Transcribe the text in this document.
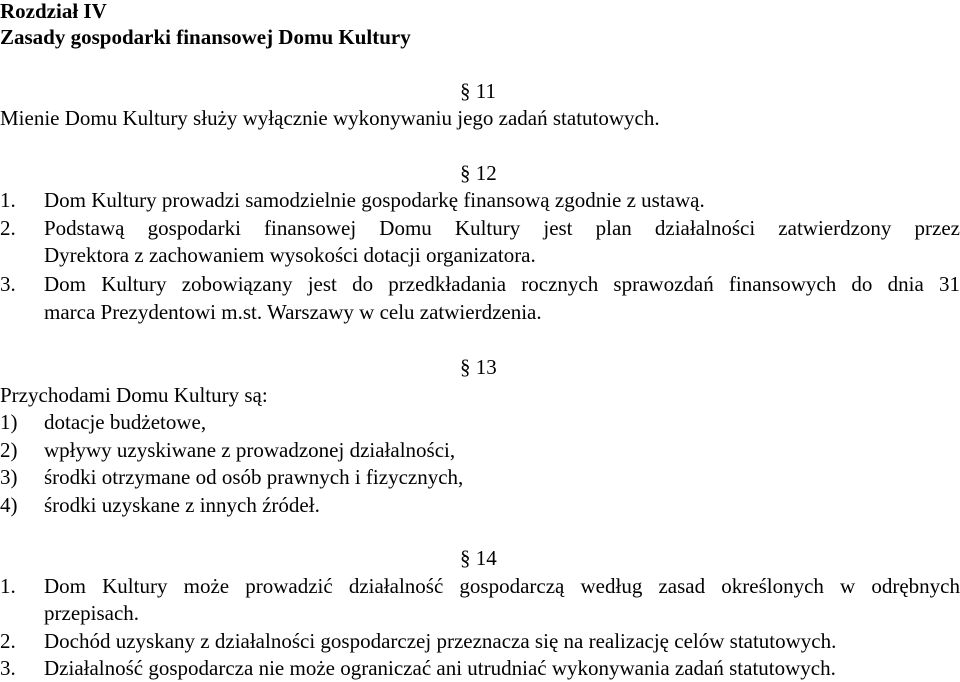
Rozdział IV
Zasady gospodarki finansowej Domu Kultury
§ 11
Mienie Domu Kultury służy wyłącznie wykonywaniu jego zadań statutowych.
§ 12
1. Dom Kultury prowadzi samodzielnie gospodarkę finansową zgodnie z ustawą.
2. Podstawą gospodarki finansowej Domu Kultury jest plan działalności zatwierdzony przez
Dyrektora z zachowaniem wysokości dotacji organizatora.
3. Dom Kultury zobowiązany jest do przedkładania rocznych sprawozdań finansowych do dnia 31
marca Prezydentowi m.st. Warszawy w celu zatwierdzenia.
§ 13
Przychodami Domu Kultury są:
1) dotacje budżetowe,
2) wpływy uzyskiwane z prowadzonej działalności,
3) środki otrzymane od osób prawnych i fizycznych,
4) środki uzyskane z innych źródeł.
§ 14
1. Dom Kultury może prowadzić działalność gospodarczą według zasad określonych w odrębnych
przepisach.
2. Dochód uzyskany z działalności gospodarczej przeznacza się na realizację celów statutowych.
3. Działalność gospodarcza nie może ograniczać ani utrudniać wykonywania zadań statutowych.
